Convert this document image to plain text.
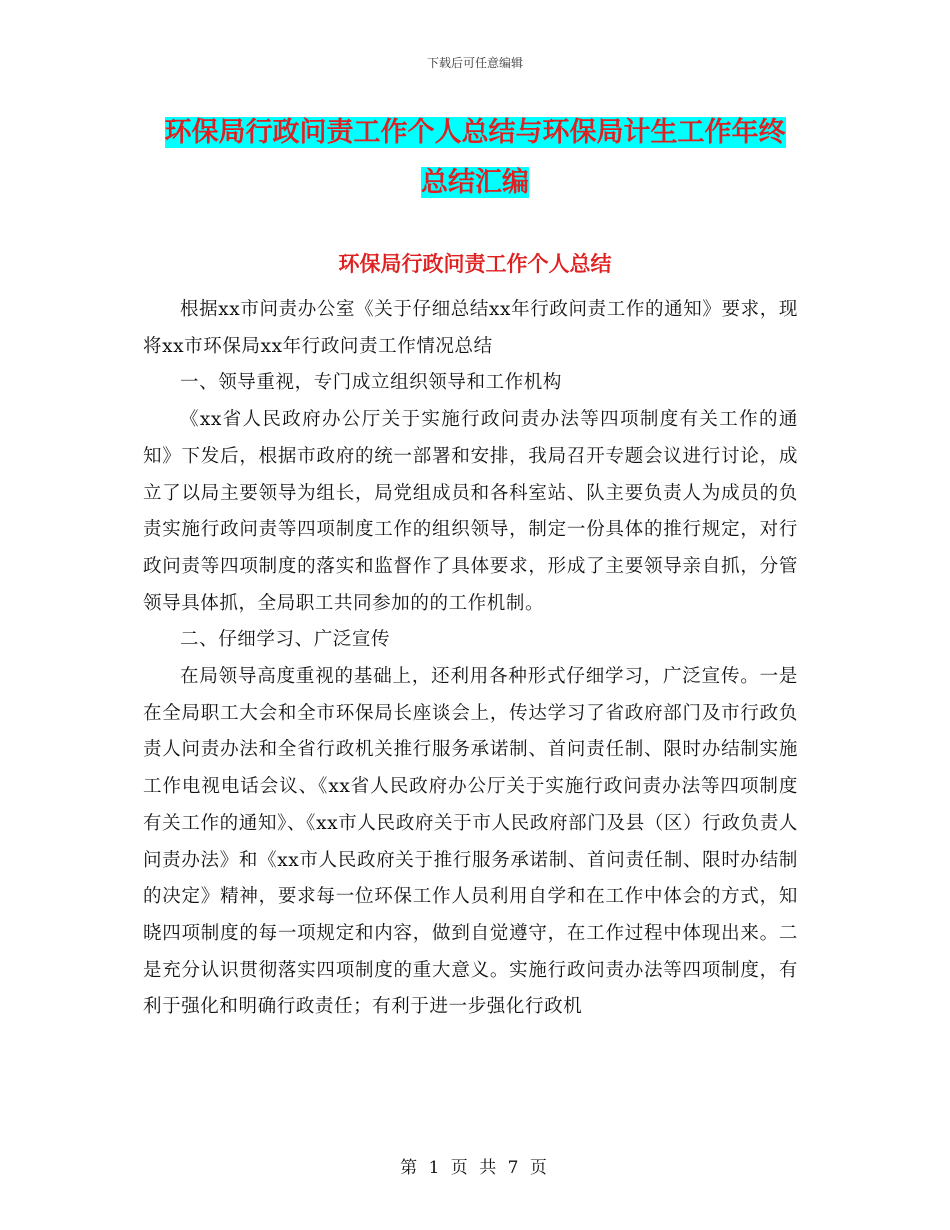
下载后可任意编辑
环保局行政问责工作个人总结与环保局计生工作年终
总结汇编
环保局行政问责工作个人总结

根据xx市问责办公室《关于仔细总结xx年行政问责工作的通知》要求，现将xx市环保局xx年行政问责工作情况总结

一、领导重视，专门成立组织领导和工作机构

《xx省人民政府办公厅关于实施行政问责办法等四项制度有关工作的通知》下发后，根据市政府的统一部署和安排，我局召开专题会议进行讨论，成立了以局主要领导为组长，局党组成员和各科室站、队主要负责人为成员的负责实施行政问责等四项制度工作的组织领导，制定一份具体的推行规定，对行政问责等四项制度的落实和监督作了具体要求，形成了主要领导亲自抓，分管领导具体抓，全局职工共同参加的的工作机制。

二、仔细学习、广泛宣传

在局领导高度重视的基础上，还利用各种形式仔细学习，广泛宣传。一是在全局职工大会和全市环保局长座谈会上，传达学习了省政府部门及市行政负责人问责办法和全省行政机关推行服务承诺制、首问责任制、限时办结制实施工作电视电话会议、《xx省人民政府办公厅关于实施行政问责办法等四项制度有关工作的通知》、《xx市人民政府关于市人民政府部门及县（区）行政负责人问责办法》和《xx市人民政府关于推行服务承诺制、首问责任制、限时办结制的决定》精神，要求每一位环保工作人员利用自学和在工作中体会的方式，知晓四项制度的每一项规定和内容，做到自觉遵守，在工作过程中体现出来。二是充分认识贯彻落实四项制度的重大意义。实施行政问责办法等四项制度，有利于强化和明确行政责任；有利于进一步强化行政机

第 1 页 共 7 页
